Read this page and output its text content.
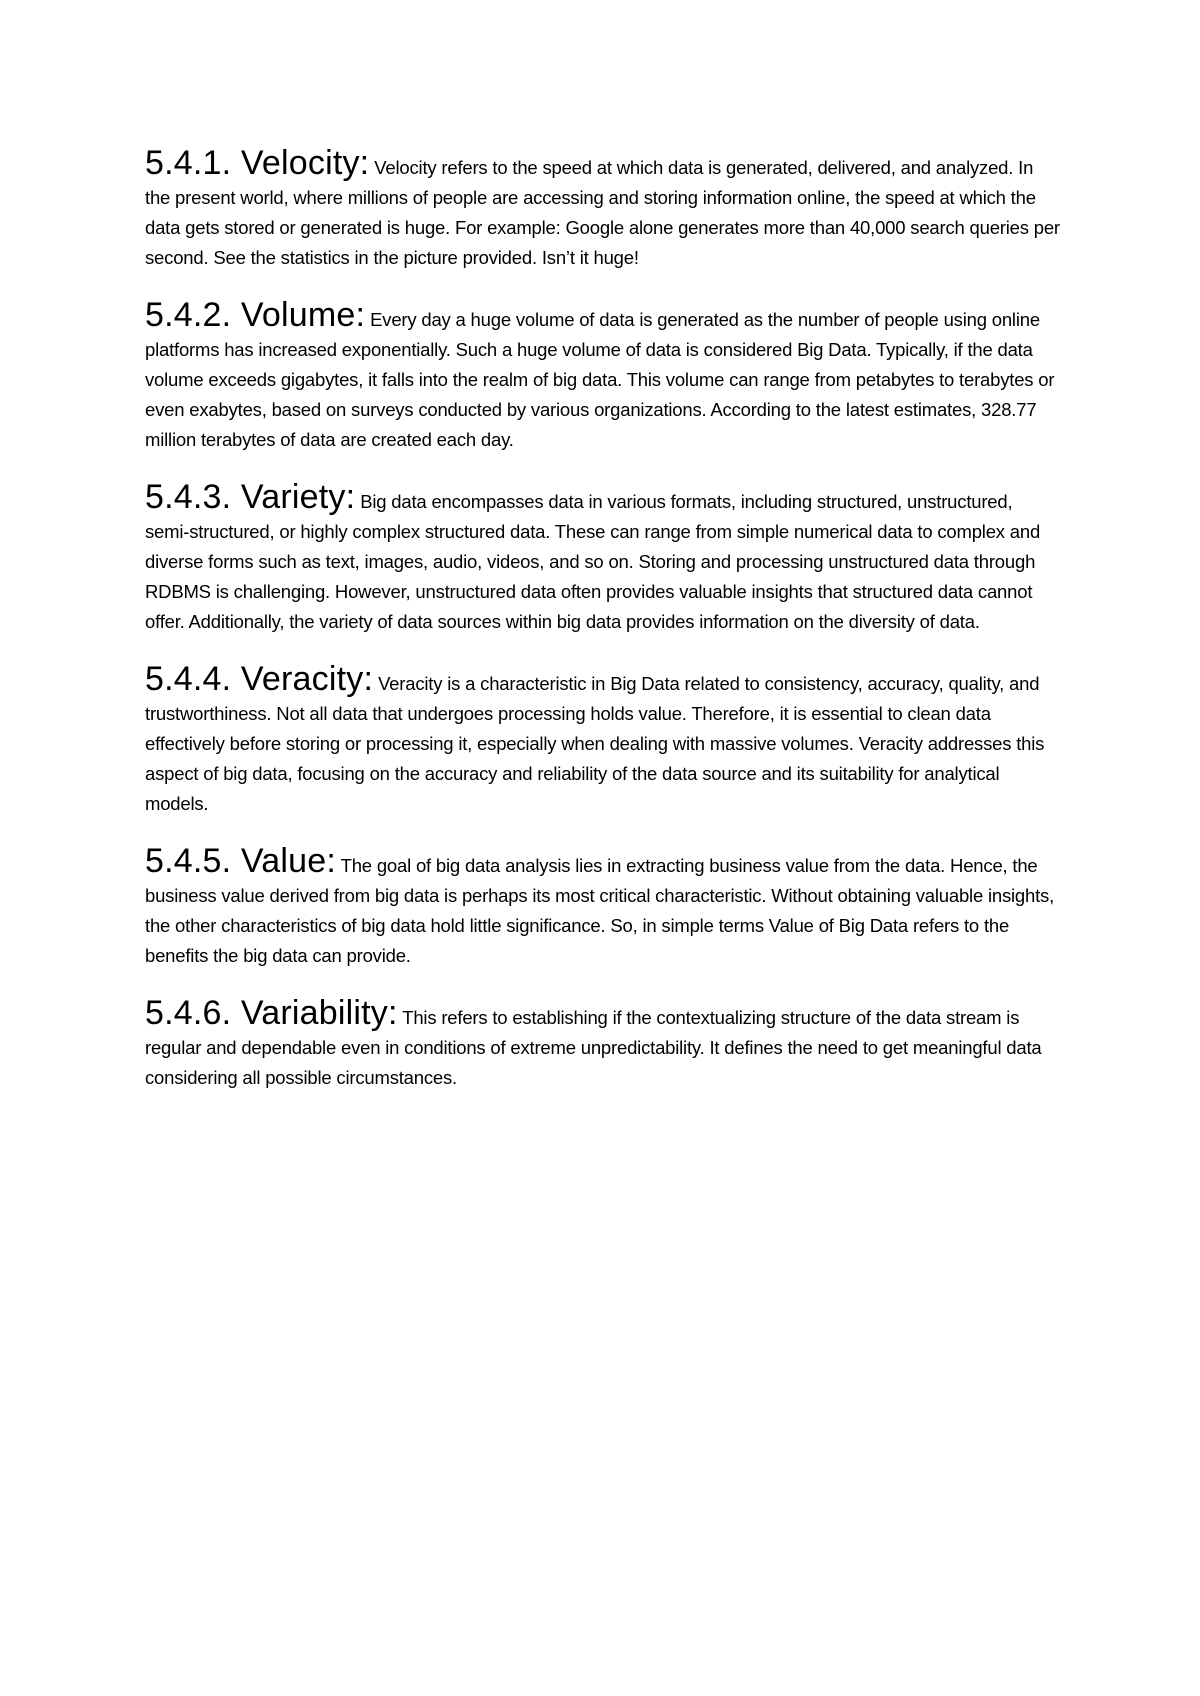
5.4.1. Velocity: Velocity refers to the speed at which data is generated, delivered, and analyzed. In the present world, where millions of people are accessing and storing information online, the speed at which the data gets stored or generated is huge. For example: Google alone generates more than 40,000 search queries per second. See the statistics in the picture provided. Isn’t it huge!

5.4.2. Volume: Every day a huge volume of data is generated as the number of people using online platforms has increased exponentially. Such a huge volume of data is considered Big Data. Typically, if the data volume exceeds gigabytes, it falls into the realm of big data. This volume can range from petabytes to terabytes or even exabytes, based on surveys conducted by various organizations. According to the latest estimates, 328.77 million terabytes of data are created each day.

5.4.3. Variety: Big data encompasses data in various formats, including structured, unstructured, semi-structured, or highly complex structured data. These can range from simple numerical data to complex and diverse forms such as text, images, audio, videos, and so on. Storing and processing unstructured data through RDBMS is challenging. However, unstructured data often provides valuable insights that structured data cannot offer. Additionally, the variety of data sources within big data provides information on the diversity of data.

5.4.4. Veracity: Veracity is a characteristic in Big Data related to consistency, accuracy, quality, and trustworthiness. Not all data that undergoes processing holds value. Therefore, it is essential to clean data effectively before storing or processing it, especially when dealing with massive volumes. Veracity addresses this aspect of big data, focusing on the accuracy and reliability of the data source and its suitability for analytical models.

5.4.5. Value: The goal of big data analysis lies in extracting business value from the data. Hence, the business value derived from big data is perhaps its most critical characteristic. Without obtaining valuable insights, the other characteristics of big data hold little significance. So, in simple terms Value of Big Data refers to the benefits the big data can provide.

5.4.6. Variability: This refers to establishing if the contextualizing structure of the data stream is regular and dependable even in conditions of extreme unpredictability. It defines the need to get meaningful data considering all possible circumstances.
